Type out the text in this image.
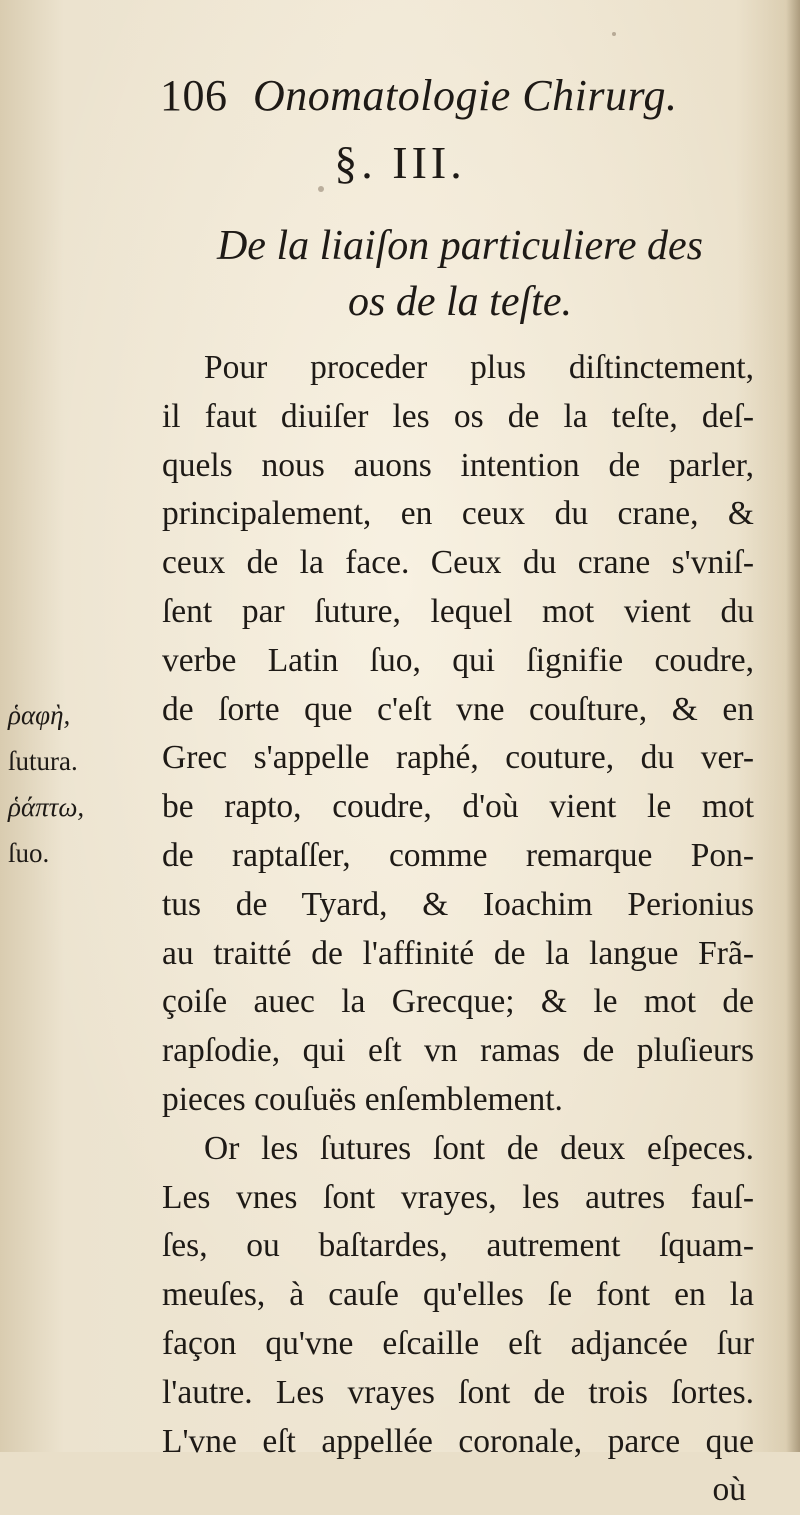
106 Onomatologie Chirurg.
§. III.
De la liaiſon particuliere des
os de la teſte.
ῥαφὴ,
ſutura.
ῥάπτω,
ſuo.
Pour proceder plus diſtinctement,
il faut diuiſer les os de la teſte, deſ-
quels nous auons intention de parler,
principalement, en ceux du crane, &
ceux de la face. Ceux du crane s'vniſ-
ſent par ſuture, lequel mot vient du
verbe Latin ſuo, qui ſignifie coudre,
de ſorte que c'eſt vne couſture, & en
Grec s'appelle raphé, couture, du ver-
be rapto, coudre, d'où vient le mot
de raptaſſer, comme remarque Pon-
tus de Tyard, & Ioachim Perionius
au traitté de l'affinité de la langue Frã-
çoiſe auec la Grecque; & le mot de
rapſodie, qui eſt vn ramas de pluſieurs
pieces couſuës enſemblement.
Or les ſutures ſont de deux eſpeces.
Les vnes ſont vrayes, les autres fauſ-
ſes, ou baſtardes, autrement ſquam-
meuſes, à cauſe qu'elles ſe font en la
façon qu'vne eſcaille eſt adjancée ſur
l'autre. Les vrayes ſont de trois ſortes.
L'vne eſt appellée coronale, parce que
où
